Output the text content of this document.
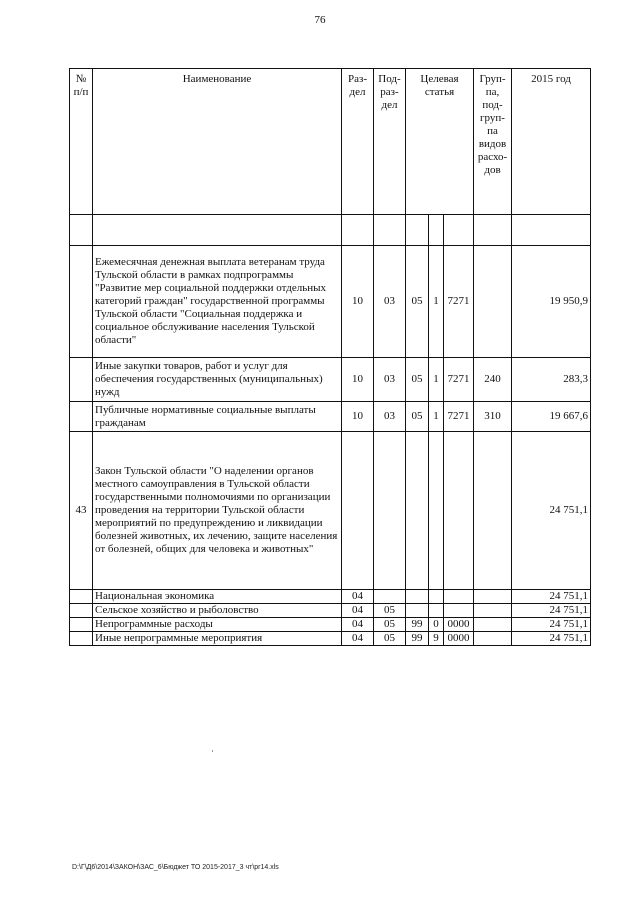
76
№ п/п	Наименование	Раз-дел	Под-раз-дел	Целевая статья			Груп-па, под-груп-па видов расхо-дов	2015 год

	Ежемесячная денежная выплата ветеранам труда Тульской области в рамках подпрограммы "Развитие мер социальной поддержки отдельных категорий граждан" государственной программы Тульской области "Социальная поддержка и социальное обслуживание населения Тульской области"	10	03	05	1	7271		19 950,9
	Иные закупки товаров, работ и услуг для обеспечения государственных (муниципальных) нужд	10	03	05	1	7271	240	283,3
	Публичные нормативные социальные выплаты гражданам	10	03	05	1	7271	310	19 667,6
43	Закон Тульской области "О наделении органов местного самоуправления в Тульской области государственными полномочиями по организации проведения на территории Тульской области мероприятий по предупреждению и ликвидации болезней животных, их лечению, защите населения от болезней, общих для человека и животных"							24 751,1
	Национальная экономика	04						24 751,1
	Сельское хозяйство и рыболовство	04	05					24 751,1
	Непрограммные расходы	04	05	99	0	0000		24 751,1
	Иные непрограммные мероприятия	04	05	99	9	0000		24 751,1
D:\Г\Д6\2014\ЗАКОН\ЗАС_6\Бюджет ТО 2015-2017_3 чт\pr14.xls
